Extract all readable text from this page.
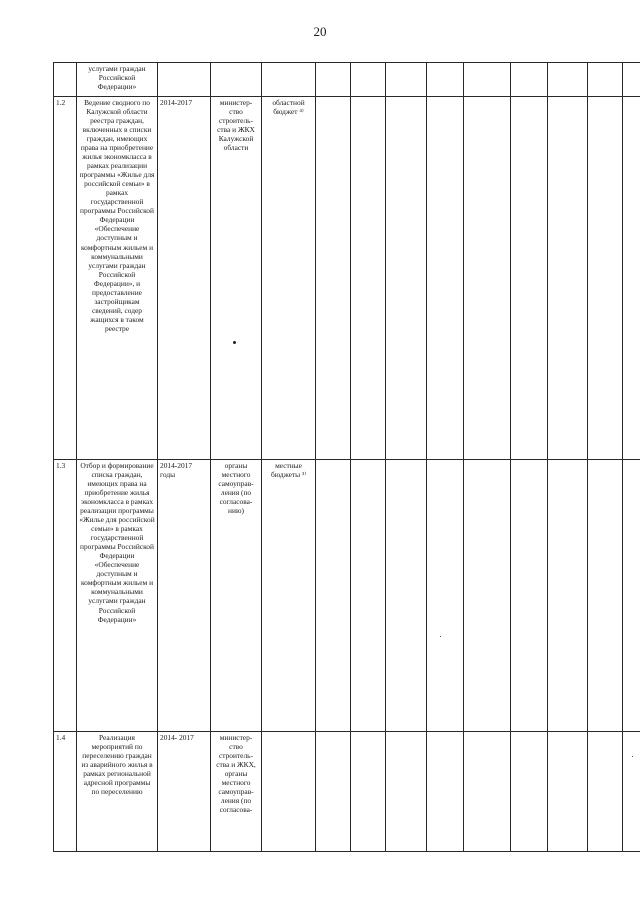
20
	услугами граждан Российской Федерации»												
1.2	Ведение сводного по Калужской области реестра граждан, включенных в списки граждан, имеющих права на приобретение жилья экономкласса в рамках реализации программы «Жилье для российской семьи» в рамках государственной программы Российской Федерации «Обеспечение доступным и комфортным жильем и коммунальными услугами граждан Российской Федерации», и предоставление застройщикам сведений, содер жащихся в таком реестре	2014-2017	министер-ство строитель-ства и ЖКХ Калужской области	областной бюджет ⁴⁾									
1.3	Отбор и формирование списка граждан, имеющих права на приобретение жилья экономкласса в рамках реализации программы «Жилье для российской семьи» в рамках государственной программы Российской Федерации «Обеспечение доступным и комфортным жильем и коммунальными услугами граждан Российской Федерации»	2014-2017 годы	органы местного самоуправ-ления (по согласова-нию)	местные бюджеты ³⁾									
1.4	Реализация мероприятий по переселению граждан из аварийного жилья в рамках региональной адресной программы по переселению	2014- 2017	министер-ство строитель-ства и ЖКХ, органы местного самоуправ-ления (по согласова-										
